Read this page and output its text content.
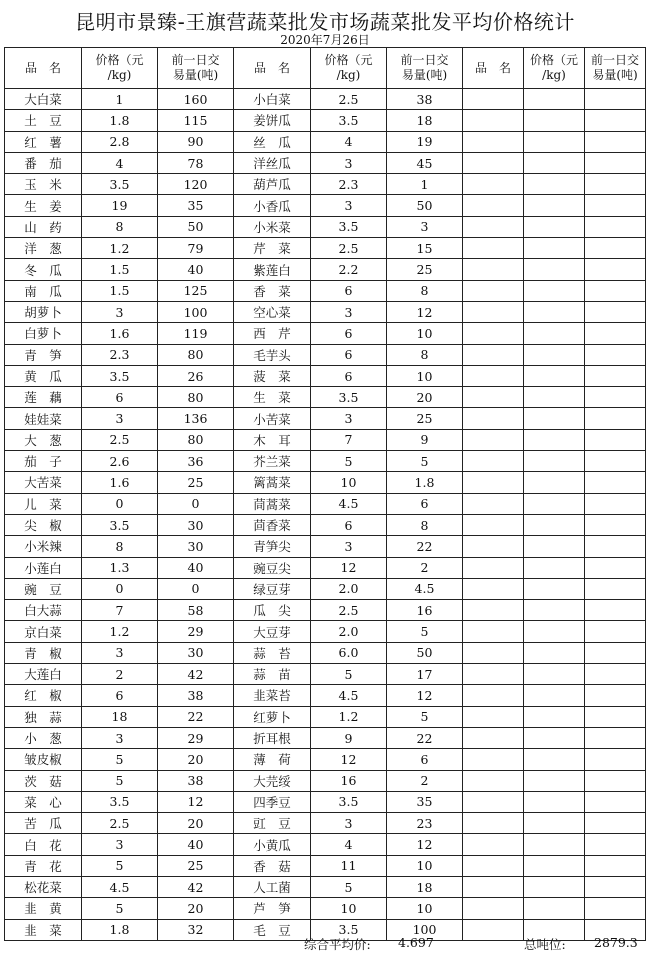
昆明市景臻-王旗营蔬菜批发市场蔬菜批发平均价格统计
2020年7月26日
品　名	价格（元
/kg)	前一日交
易量(吨)	品　名	价格（元
/kg)	前一日交
易量(吨)	品　名	价格（元
/kg)	前一日交
易量(吨)
大白菜	1	160	小白菜	2.5	38			
土　豆	1.8	115	姜饼瓜	3.5	18			
红　薯	2.8	90	丝　瓜	4	19			
番　茄	4	78	洋丝瓜	3	45			
玉　米	3.5	120	葫芦瓜	2.3	1			
生　姜	19	35	小香瓜	3	50			
山　药	8	50	小米菜	3.5	3			
洋　葱	1.2	79	芹　菜	2.5	15			
冬　瓜	1.5	40	紫莲白	2.2	25			
南　瓜	1.5	125	香　菜	6	8			
胡萝卜	3	100	空心菜	3	12			
白萝卜	1.6	119	西　芹	6	10			
青　笋	2.3	80	毛芋头	6	8			
黄　瓜	3.5	26	菠　菜	6	10			
莲　藕	6	80	生　菜	3.5	20			
娃娃菜	3	136	小苦菜	3	25			
大　葱	2.5	80	木　耳	7	9			
茄　子	2.6	36	芥兰菜	5	5			
大苦菜	1.6	25	篱蒿菜	10	1.8			
儿　菜	0	0	茼蒿菜	4.5	6			
尖　椒	3.5	30	茴香菜	6	8			
小米辣	8	30	青笋尖	3	22			
小莲白	1.3	40	豌豆尖	12	2			
豌　豆	0	0	绿豆芽	2.0	4.5			
白大蒜	7	58	瓜　尖	2.5	16			
京白菜	1.2	29	大豆芽	2.0	5			
青　椒	3	30	蒜　苔	6.0	50			
大莲白	2	42	蒜　苗	5	17			
红　椒	6	38	韭菜苔	4.5	12			
独　蒜	18	22	红萝卜	1.2	5			
小　葱	3	29	折耳根	9	22			
皱皮椒	5	20	薄　荷	12	6			
茨　菇	5	38	大芫绥	16	2			
菜　心	3.5	12	四季豆	3.5	35			
苦　瓜	2.5	20	豇　豆	3	23			
白　花	3	40	小黄瓜	4	12			
青　花	5	25	香　菇	11	10			
松花菜	4.5	42	人工菌	5	18			
韭　黄	5	20	芦　笋	10	10			
韭　菜	1.8	32	毛　豆	3.5	100			
综合平均价: 4.697	总吨位: 2879.3
